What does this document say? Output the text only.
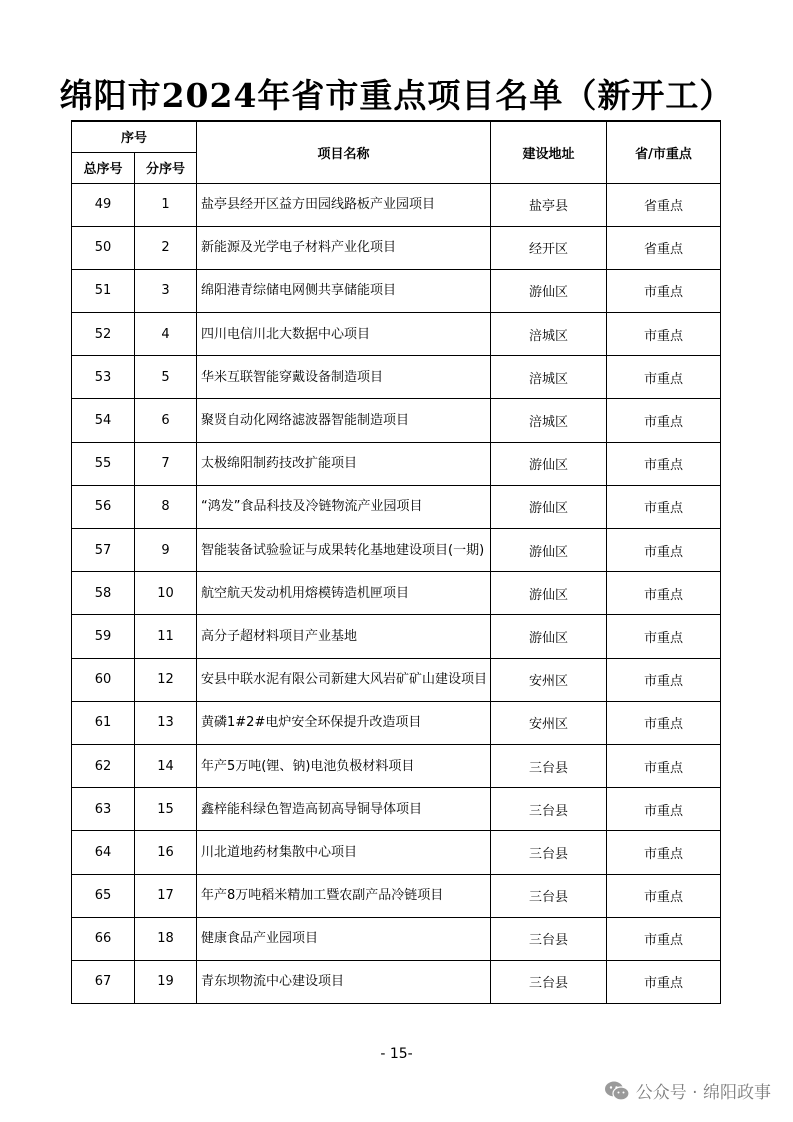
绵阳市2024年省市重点项目名单（新开工）
序号		项目名称	建设地址	省/市重点
总序号	分序号			
49	1	盐亭县经开区益方田园线路板产业园项目	盐亭县	省重点
50	2	新能源及光学电子材料产业化项目	经开区	省重点
51	3	绵阳港青综储电网侧共享储能项目	游仙区	市重点
52	4	四川电信川北大数据中心项目	涪城区	市重点
53	5	华米互联智能穿戴设备制造项目	涪城区	市重点
54	6	聚贤自动化网络滤波器智能制造项目	涪城区	市重点
55	7	太极绵阳制药技改扩能项目	游仙区	市重点
56	8	“鸿发”食品科技及冷链物流产业园项目	游仙区	市重点
57	9	智能装备试验验证与成果转化基地建设项目(一期)	游仙区	市重点
58	10	航空航天发动机用熔模铸造机匣项目	游仙区	市重点
59	11	高分子超材料项目产业基地	游仙区	市重点
60	12	安县中联水泥有限公司新建大风岩矿矿山建设项目	安州区	市重点
61	13	黄磷1#2#电炉安全环保提升改造项目	安州区	市重点
62	14	年产5万吨(锂、钠)电池负极材料项目	三台县	市重点
63	15	鑫梓能科绿色智造高韧高导铜导体项目	三台县	市重点
64	16	川北道地药材集散中心项目	三台县	市重点
65	17	年产8万吨稻米精加工暨农副产品冷链项目	三台县	市重点
66	18	健康食品产业园项目	三台县	市重点
67	19	青东坝物流中心建设项目	三台县	市重点
- 15-
公众号 · 绵阳政事
